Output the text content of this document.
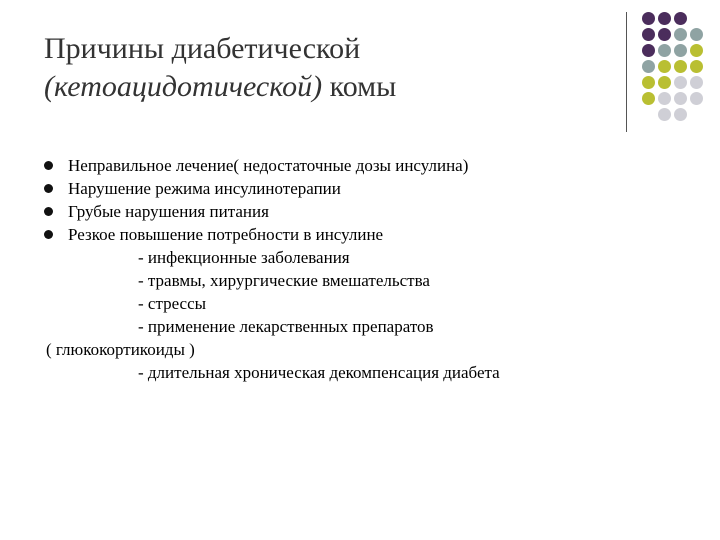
Причины диабетической
(кетоацидотической) комы
Неправильное лечение( недостаточные дозы инсулина)
Нарушение режима инсулинотерапии
Грубые нарушения питания
Резкое повышение потребности в инсулине
- инфекционные заболевания
- травмы, хирургические вмешательства
- стрессы
- применение лекарственных препаратов
( глюкокортикоиды )
- длительная хроническая декомпенсация диабета
